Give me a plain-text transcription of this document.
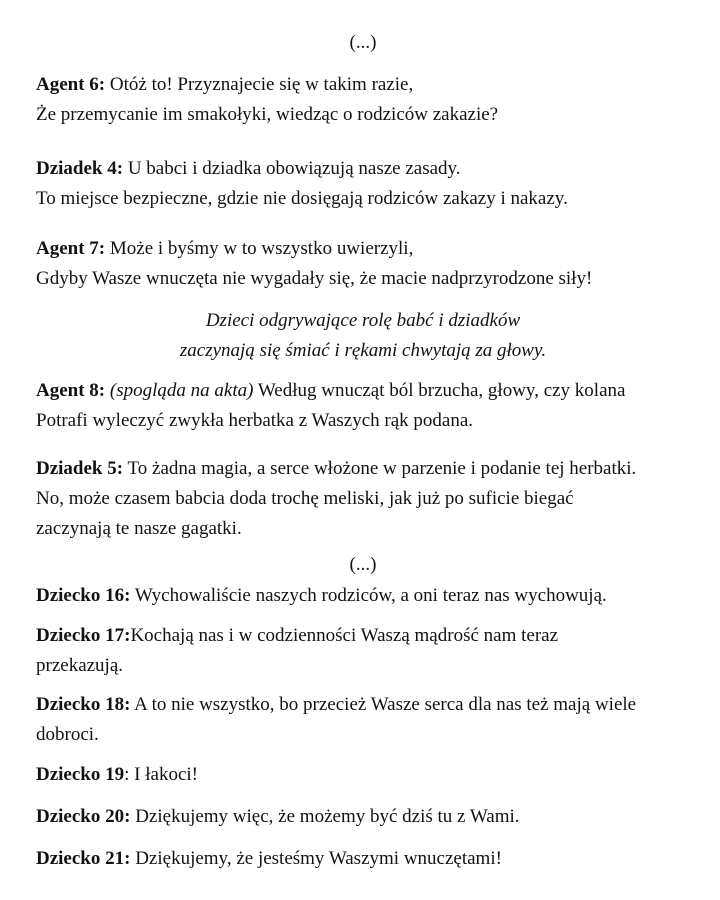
(...)

Agent 6: Otóż to! Przyznajecie się w takim razie,
Że przemycanie im smakołyki, wiedząc o rodziców zakazie?

Dziadek 4: U babci i dziadka obowiązują nasze zasady.
To miejsce bezpieczne, gdzie nie dosięgają rodziców zakazy i nakazy.

Agent 7: Może i byśmy w to wszystko uwierzyli,
Gdyby Wasze wnuczęta nie wygadały się, że macie nadprzyrodzone siły!

Dzieci odgrywające rolę babć i dziadków
zaczynają się śmiać i rękami chwytają za głowy.

Agent 8: (spogląda na akta) Według wnucząt ból brzucha, głowy, czy kolana
Potrafi wyleczyć zwykła herbatka z Waszych rąk podana.

Dziadek 5: To żadna magia, a serce włożone w parzenie i podanie tej herbatki.
No, może czasem babcia doda trochę meliski, jak już po suficie biegać
zaczynają te nasze gagatki.

(...)

Dziecko 16: Wychowaliście naszych rodziców, a oni teraz nas wychowują.

Dziecko 17:Kochają nas i w codzienności Waszą mądrość nam teraz
przekazują.

Dziecko 18: A to nie wszystko, bo przecież Wasze serca dla nas też mają wiele
dobroci.

Dziecko 19: I łakoci!

Dziecko 20: Dziękujemy więc, że możemy być dziś tu z Wami.

Dziecko 21: Dziękujemy, że jesteśmy Waszymi wnuczętami!
